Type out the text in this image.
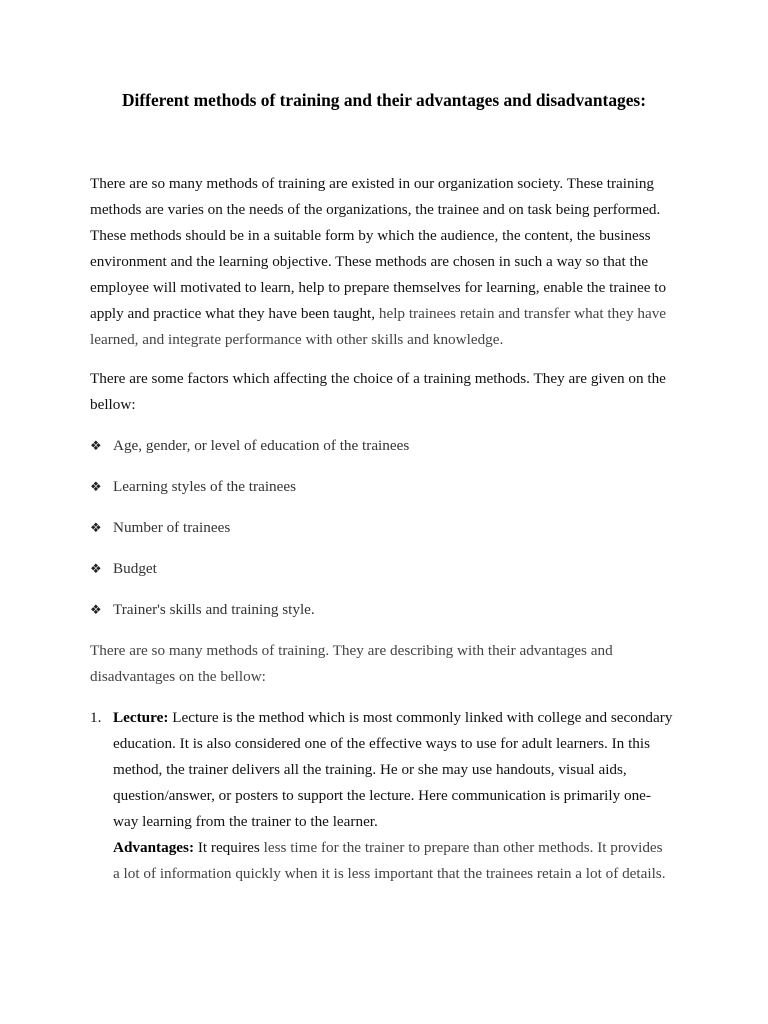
Different methods of training and their advantages and disadvantages:

There are so many methods of training are existed in our organization society. These training methods are varies on the needs of the organizations, the trainee and on task being performed. These methods should be in a suitable form by which the audience, the content, the business environment and the learning objective. These methods are chosen in such a way so that the employee will motivated to learn, help to prepare themselves for learning, enable the trainee to apply and practice what they have been taught, help trainees retain and transfer what they have learned, and integrate performance with other skills and knowledge.

There are some factors which affecting the choice of a training methods. They are given on the bellow:

❖ Age, gender, or level of education of the trainees
❖ Learning styles of the trainees
❖ Number of trainees
❖ Budget
❖ Trainer's skills and training style.

There are so many methods of training. They are describing with their advantages and disadvantages on the bellow:

1. Lecture: Lecture is the method which is most commonly linked with college and secondary education. It is also considered one of the effective ways to use for adult learners. In this method, the trainer delivers all the training. He or she may use handouts, visual aids, question/answer, or posters to support the lecture. Here communication is primarily one-way learning from the trainer to the learner.
Advantages: It requires less time for the trainer to prepare than other methods. It provides a lot of information quickly when it is less important that the trainees retain a lot of details.
